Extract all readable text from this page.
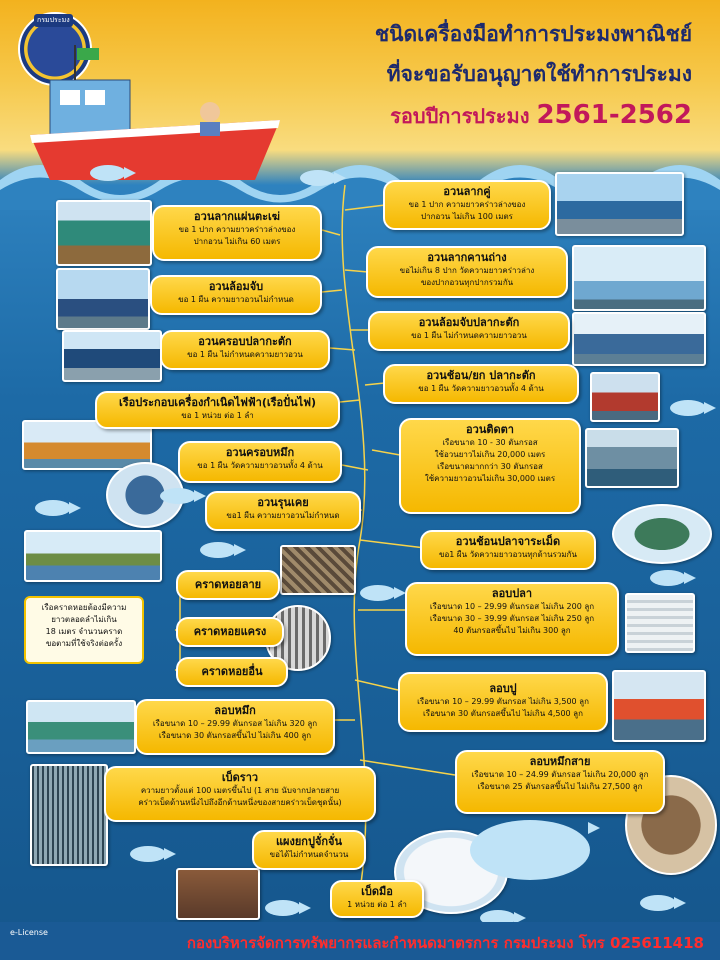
กรมประมง
ชนิดเครื่องมือทำการประมงพาณิชย์
ที่จะขอรับอนุญาตใช้ทำการประมง
รอบปีการประมง 2561-2562
อวนลากคู่
ขอ 1 ปาก ความยาวคร่าวล่างของ
ปากอวน ไม่เกิน 100 เมตร
อวนลากแผ่นตะเฆ่
ขอ 1 ปาก ความยาวคร่าวล่างของ
ปากอวน ไม่เกิน 60 เมตร
อวนลากคานถ่าง
ขอไม่เกิน 8 ปาก วัดความยาวคร่าวล่าง
ของปากอวนทุกปากรวมกัน
อวนล้อมจับ
ขอ 1 ผืน ความยาวอวนไม่กำหนด
อวนล้อมจับปลากะตัก
ขอ 1 ผืน ไม่กำหนดความยาวอวน
อวนครอบปลากะตัก
ขอ 1 ผืน ไม่กำหนดความยาวอวน
อวนช้อน/ยก ปลากะตัก
ขอ 1 ผืน วัดความยาวอวนทั้ง 4 ด้าน
เรือประกอบเครื่องกำเนิดไฟฟ้า(เรือปั่นไฟ)
ขอ 1 หน่วย ต่อ 1 ลำ
อวนติดตา
เรือขนาด 10 - 30 ตันกรอส
ใช้อวนยาวไม่เกิน 20,000 เมตร
เรือขนาดมากกว่า 30 ตันกรอส
ใช้ความยาวอวนไม่เกิน 30,000 เมตร
อวนครอบหมึก
ขอ 1 ผืน วัดความยาวอวนทั้ง 4 ด้าน
อวนรุนเคย
ขอ1 ผืน ความยาวอวนไม่กำหนด
อวนช้อนปลาจาระเม็ด
ขอ1 ผืน วัดความยาวอวนทุกด้านรวมกัน
คราดหอยลาย
คราดหอยแครง
คราดหอยอื่น
ลอบปลา
เรือขนาด 10 – 29.99 ตันกรอส ไม่เกิน 200 ลูก
เรือขนาด 30 – 39.99 ตันกรอส ไม่เกิน 250 ลูก
40 ตันกรอสขึ้นไป ไม่เกิน 300 ลูก
ลอบปู
เรือขนาด 10 – 29.99 ตันกรอส ไม่เกิน 3,500 ลูก
เรือขนาด 30 ตันกรอสขึ้นไป ไม่เกิน 4,500 ลูก
ลอบหมึก
เรือขนาด 10 – 29.99 ตันกรอส ไม่เกิน 320 ลูก
เรือขนาด 30 ตันกรอสขึ้นไป ไม่เกิน 400 ลูก
เบ็ดราว
ความยาวตั้งแต่ 100 เมตรขึ้นไป (1 สาย นับจากปลายสาย
คร่าวเบ็ดด้านหนึ่งไปถึงอีกด้านหนึ่งของสายคร่าวเบ็ดชุดนั้น)
ลอบหมึกสาย
เรือขนาด 10 – 24.99 ตันกรอส ไม่เกิน 20,000 ลูก
เรือขนาด 25 ตันกรอสขึ้นไป ไม่เกิน 27,500 ลูก
แผงยกปูจั่กจั่น
ขอได้ไม่กำหนดจำนวน
เบ็ดมือ
1 หน่วย ต่อ 1 ลำ
เรือคราดหอยต้องมีความ
ยาวตลอดลำไม่เกิน
18 เมตร จำนวนคราด
ขอตามที่ใช้จริงต่อครั้ง
e-License
กองบริหารจัดการทรัพยากรและกำหนดมาตรการ กรมประมง โทร 025611418
